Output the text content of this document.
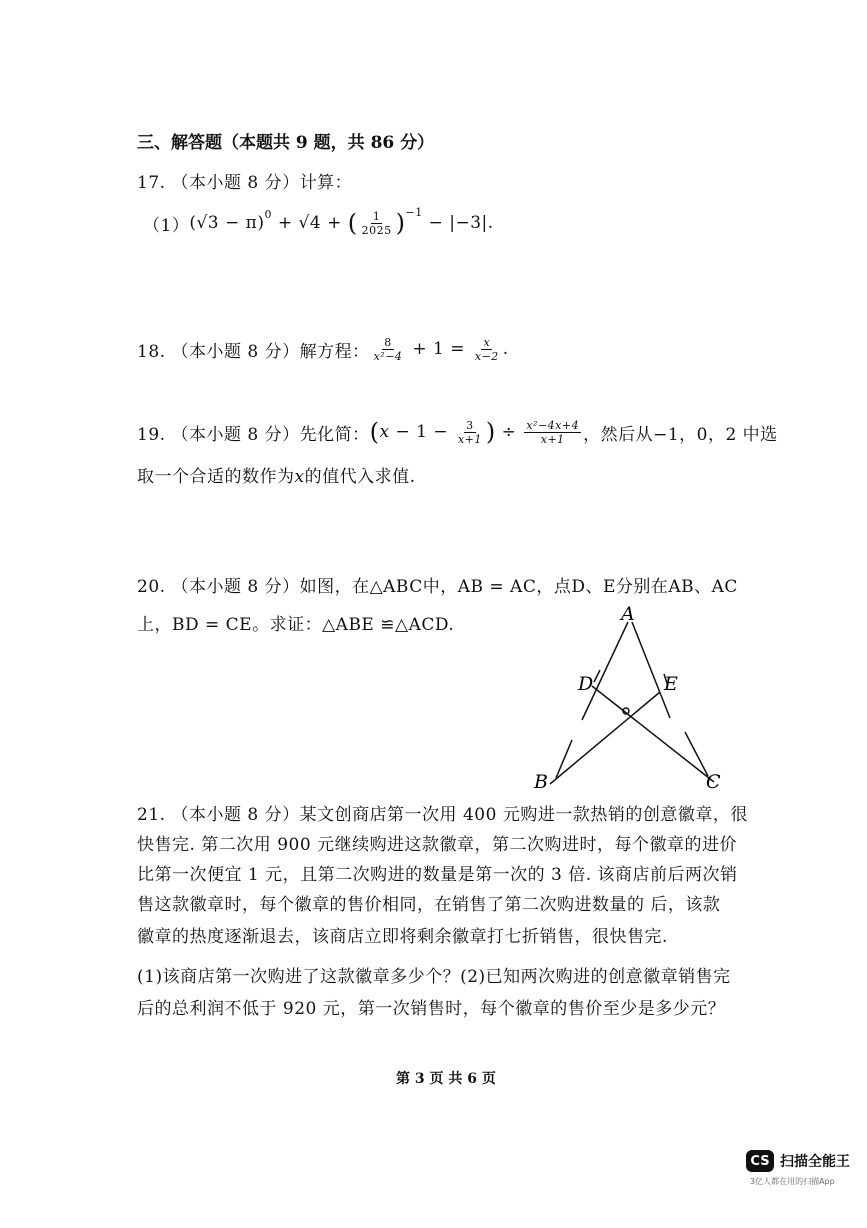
三、解答题（本题共 9 题，共 86 分）
17. （本小题 8 分）计算：
（1） $(√3 - \pi)^0 + √4$ + ( $\frac{1}{2025} )^{-1}$
− |−3|.
18. （本小题 8 分）解方程： $\frac{8}{\text{x²−4}} + 1 = \frac{x}{x-2}$ .
19. （本小题 8 分）先化简： ( $x - 1 - \frac{3}{x+1}$ ) ÷ $\frac{\text{x²−4x+4}}{x+1}$ ，然后从−1，0，2 中选
取一个合适的数作为x的值代入求值.
20. （本小题 8 分）如图，在△ABC中，AB = AC，点D、E分别在AB、AC
上，BD = CE。求证：△ABE ≌△ACD.	A
D	E
B	C
21. （本小题 8 分）某文创商店第一次用 400 元购进一款热销的创意徽章，很
快售完. 第二次用 900 元继续购进这款徽章，第二次购进时，每个徽章的进价
比第一次便宜 1 元，且第二次购进的数量是第一次的 3 倍. 该商店前后两次销
售这款徽章时，每个徽章的售价相同，在销售了第二次购进数量的 后，该款
徽章的热度逐渐退去，该商店立即将剩余徽章打七折销售，很快售完.
(1)该商店第一次购进了这款徽章多少个？(2)已知两次购进的创意徽章销售完
后的总利润不低于 920 元，第一次销售时，每个徽章的售价至少是多少元？
第 3 页 共 6 页
CS 扫描全能王
3亿人都在用的扫描App
